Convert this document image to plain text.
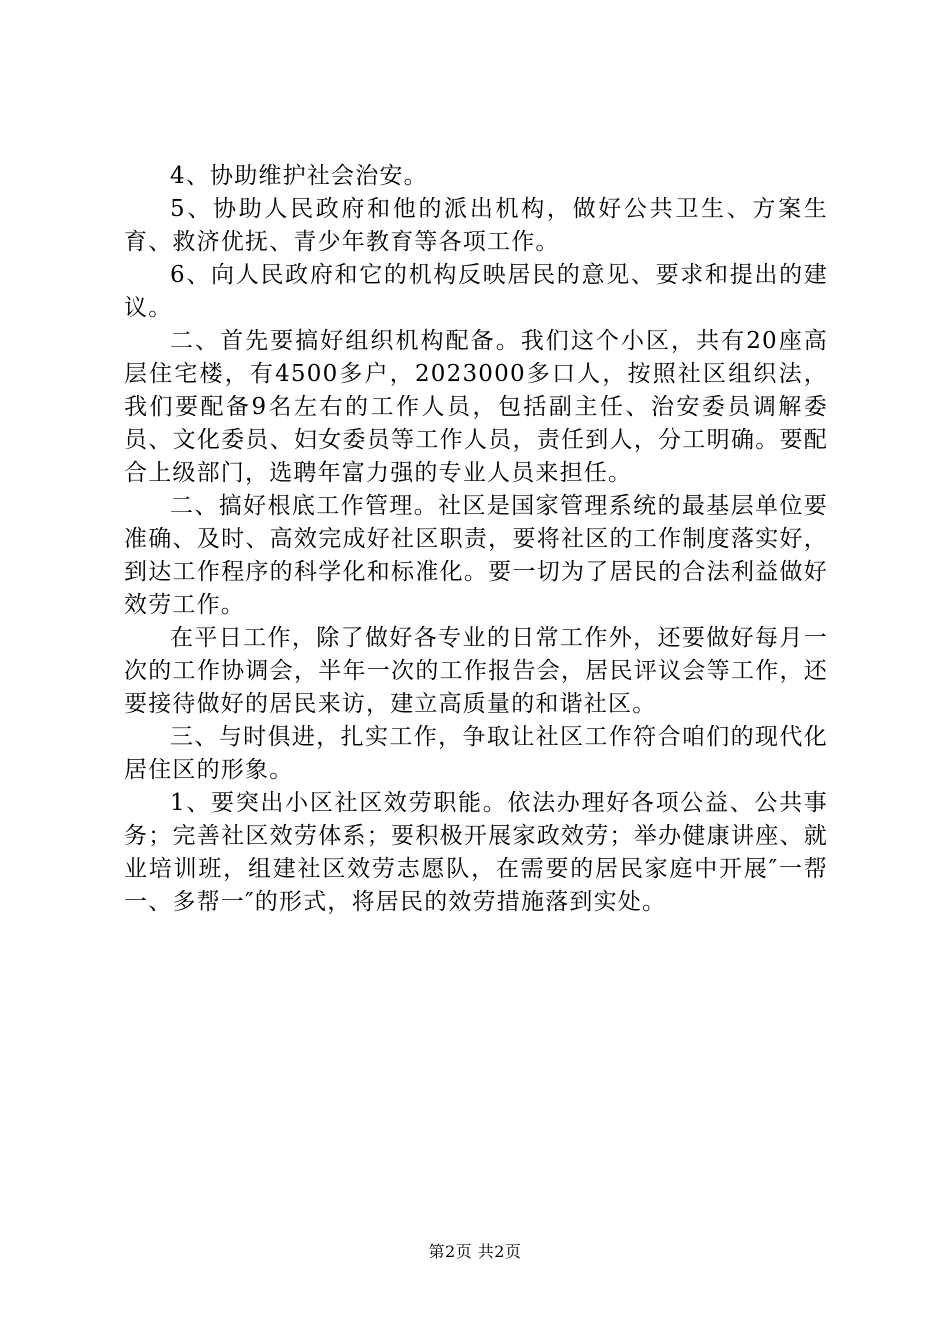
4、协助维护社会治安。

5、协助人民政府和他的派出机构，做好公共卫生、方案生育、救济优抚、青少年教育等各项工作。

6、向人民政府和它的机构反映居民的意见、要求和提出的建议。

二、首先要搞好组织机构配备。我们这个小区，共有20座高层住宅楼，有4500多户，2023000多口人，按照社区组织法，我们要配备9名左右的工作人员，包括副主任、治安委员调解委员、文化委员、妇女委员等工作人员，责任到人，分工明确。要配合上级部门，选聘年富力强的专业人员来担任。

二、搞好根底工作管理。社区是国家管理系统的最基层单位要准确、及时、高效完成好社区职责，要将社区的工作制度落实好，到达工作程序的科学化和标准化。要一切为了居民的合法利益做好效劳工作。

在平日工作，除了做好各专业的日常工作外，还要做好每月一次的工作协调会，半年一次的工作报告会，居民评议会等工作，还要接待做好的居民来访，建立高质量的和谐社区。

三、与时俱进，扎实工作，争取让社区工作符合咱们的现代化居住区的形象。

1、要突出小区社区效劳职能。依法办理好各项公益、公共事务；完善社区效劳体系；要积极开展家政效劳；举办健康讲座、就业培训班，组建社区效劳志愿队，在需要的居民家庭中开展″一帮一、多帮一″的形式，将居民的效劳措施落到实处。

第2页 共2页
